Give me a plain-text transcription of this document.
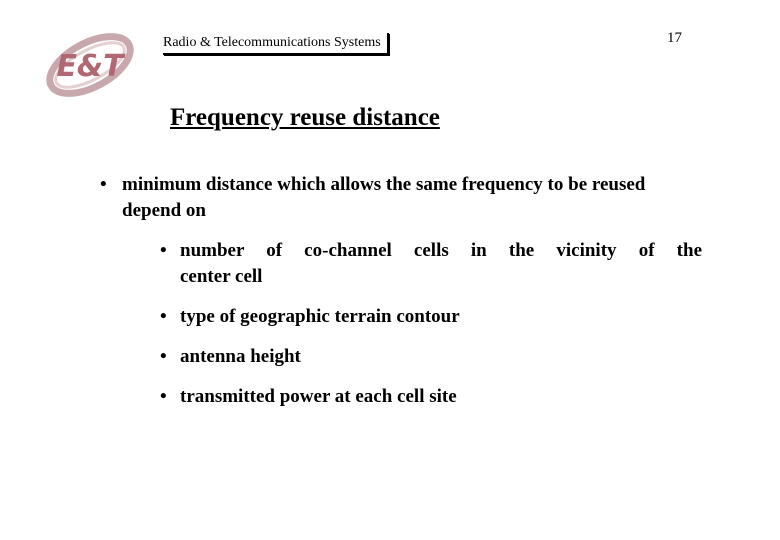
E&T
Radio & Telecommunications Systems	17
Frequency reuse distance
• minimum distance which allows the same frequency to be reused depend on
• number of co-channel cells in the vicinity of the
center cell
• type of geographic terrain contour
• antenna height
• transmitted power at each cell site
